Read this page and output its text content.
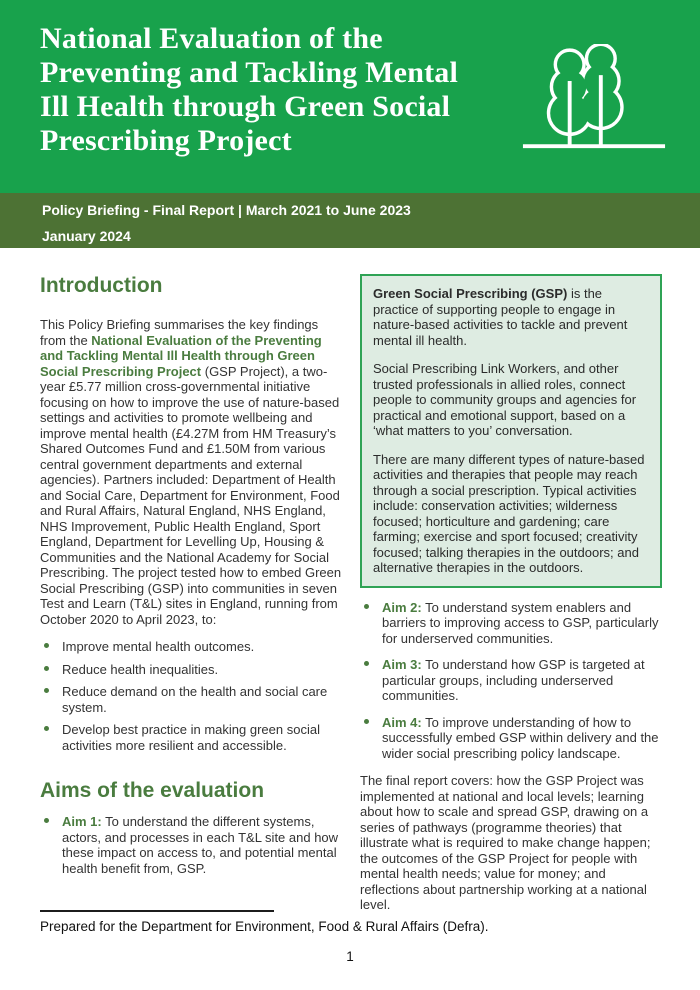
National Evaluation of the
Preventing and Tackling Mental
Ill Health through Green Social
Prescribing Project
Policy Briefing - Final Report | March 2021 to June 2023
January 2024
Introduction

This Policy Briefing summarises the key findings from the National Evaluation of the Preventing and Tackling Mental Ill Health through Green Social Prescribing Project (GSP Project), a two-year £5.77 million cross-governmental initiative focusing on how to improve the use of nature-based settings and activities to promote wellbeing and improve mental health (£4.27M from HM Treasury’s Shared Outcomes Fund and £1.50M from various central government departments and external agencies). Partners included: Department of Health and Social Care, Department for Environment, Food and Rural Affairs, Natural England, NHS England, NHS Improvement, Public Health England, Sport England, Department for Levelling Up, Housing & Communities and the National Academy for Social Prescribing. The project tested how to embed Green Social Prescribing (GSP) into communities in seven Test and Learn (T&L) sites in England, running from October 2020 to April 2023, to:

Improve mental health outcomes.
Reduce health inequalities.
Reduce demand on the health and social care system.
Develop best practice in making green social activities more resilient and accessible.
Aims of the evaluation
Aim 1: To understand the different systems, actors, and processes in each T&L site and how these impact on access to, and potential mental health benefit from, GSP.

Green Social Prescribing (GSP) is the practice of supporting people to engage in nature-based activities to tackle and prevent mental ill health.

Social Prescribing Link Workers, and other trusted professionals in allied roles, connect people to community groups and agencies for practical and emotional support, based on a ‘what matters to you’ conversation.

There are many different types of nature-based activities and therapies that people may reach through a social prescription. Typical activities include: conservation activities; wilderness focused; horticulture and gardening; care farming; exercise and sport focused; creativity focused; talking therapies in the outdoors; and alternative therapies in the outdoors.

Aim 2: To understand system enablers and barriers to improving access to GSP, particularly for underserved communities.
Aim 3: To understand how GSP is targeted at particular groups, including underserved communities.
Aim 4: To improve understanding of how to successfully embed GSP within delivery and the wider social prescribing policy landscape.

The final report covers: how the GSP Project was implemented at national and local levels; learning about how to scale and spread GSP, drawing on a series of pathways (programme theories) that illustrate what is required to make change happen; the outcomes of the GSP Project for people with mental health needs; value for money; and reflections about partnership working at a national level.

Prepared for the Department for Environment, Food & Rural Affairs (Defra).

1
